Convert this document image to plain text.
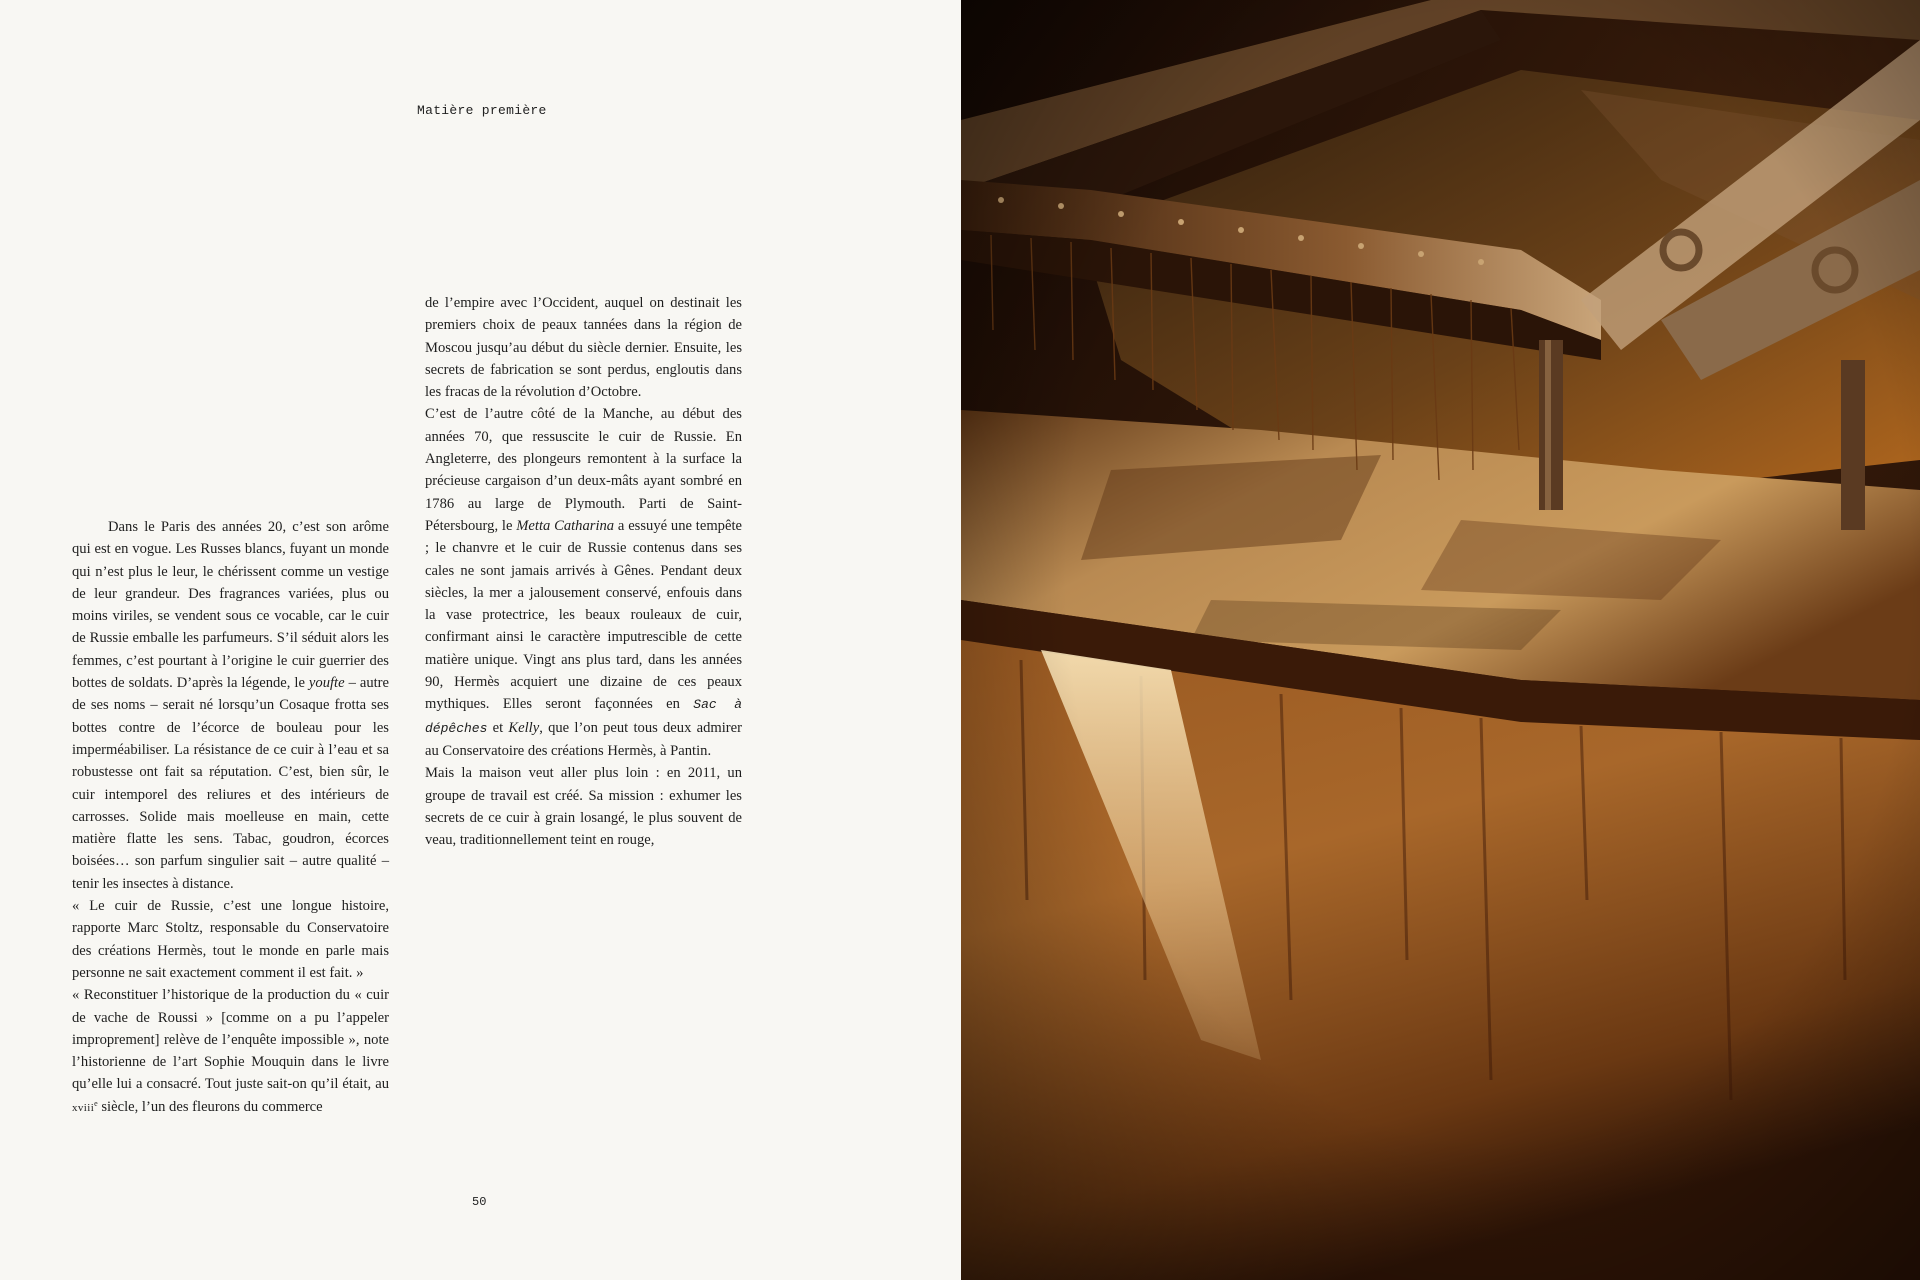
Matière première

Dans le Paris des années 20, c’est son arôme qui est en vogue. Les Russes blancs, fuyant un monde qui n’est plus le leur, le chérissent comme un vestige de leur grandeur. Des fragrances variées, plus ou moins viriles, se vendent sous ce vocable, car le cuir de Russie emballe les parfumeurs. S’il séduit alors les femmes, c’est pourtant à l’origine le cuir guerrier des bottes de soldats. D’après la légende, le youfte – autre de ses noms – serait né lorsqu’un Cosaque frotta ses bottes contre de l’écorce de bouleau pour les imperméabiliser. La résistance de ce cuir à l’eau et sa robustesse ont fait sa réputation. C’est, bien sûr, le cuir intemporel des reliures et des intérieurs de carrosses. Solide mais moelleuse en main, cette matière flatte les sens. Tabac, goudron, écorces boisées… son parfum singulier sait – autre qualité – tenir les insectes à distance.

« Le cuir de Russie, c’est une longue histoire, rapporte Marc Stoltz, responsable du Conservatoire des créations Hermès, tout le monde en parle mais personne ne sait exactement comment il est fait. »

« Reconstituer l’historique de la production du « cuir de vache de Roussi » [comme on a pu l’appeler improprement] relève de l’enquête impossible », note l’historienne de l’art Sophie Mouquin dans le livre qu’elle lui a consacré. Tout juste sait-on qu’il était, au xviii$^e$ siècle, l’un des fleurons du commerce

de l’empire avec l’Occident, auquel on destinait les premiers choix de peaux tannées dans la région de Moscou jusqu’au début du siècle dernier. Ensuite, les secrets de fabrication se sont perdus, engloutis dans les fracas de la révolution d’Octobre.

C’est de l’autre côté de la Manche, au début des années 70, que ressuscite le cuir de Russie. En Angleterre, des plongeurs remontent à la surface la précieuse cargaison d’un deux-mâts ayant sombré en 1786 au large de Plymouth. Parti de Saint-Pétersbourg, le Metta Catharina a essuyé une tempête ; le chanvre et le cuir de Russie contenus dans ses cales ne sont jamais arrivés à Gênes. Pendant deux siècles, la mer a jalousement conservé, enfouis dans la vase protectrice, les beaux rouleaux de cuir, confirmant ainsi le caractère imputrescible de cette matière unique. Vingt ans plus tard, dans les années 90, Hermès acquiert une dizaine de ces peaux mythiques. Elles seront façonnées en Sac à dépêches et Kelly, que l’on peut tous deux admirer au Conservatoire des créations Hermès, à Pantin.

Mais la maison veut aller plus loin : en 2011, un groupe de travail est créé. Sa mission : exhumer les secrets de ce cuir à grain losangé, le plus souvent de veau, traditionnellement teint en rouge,

50
